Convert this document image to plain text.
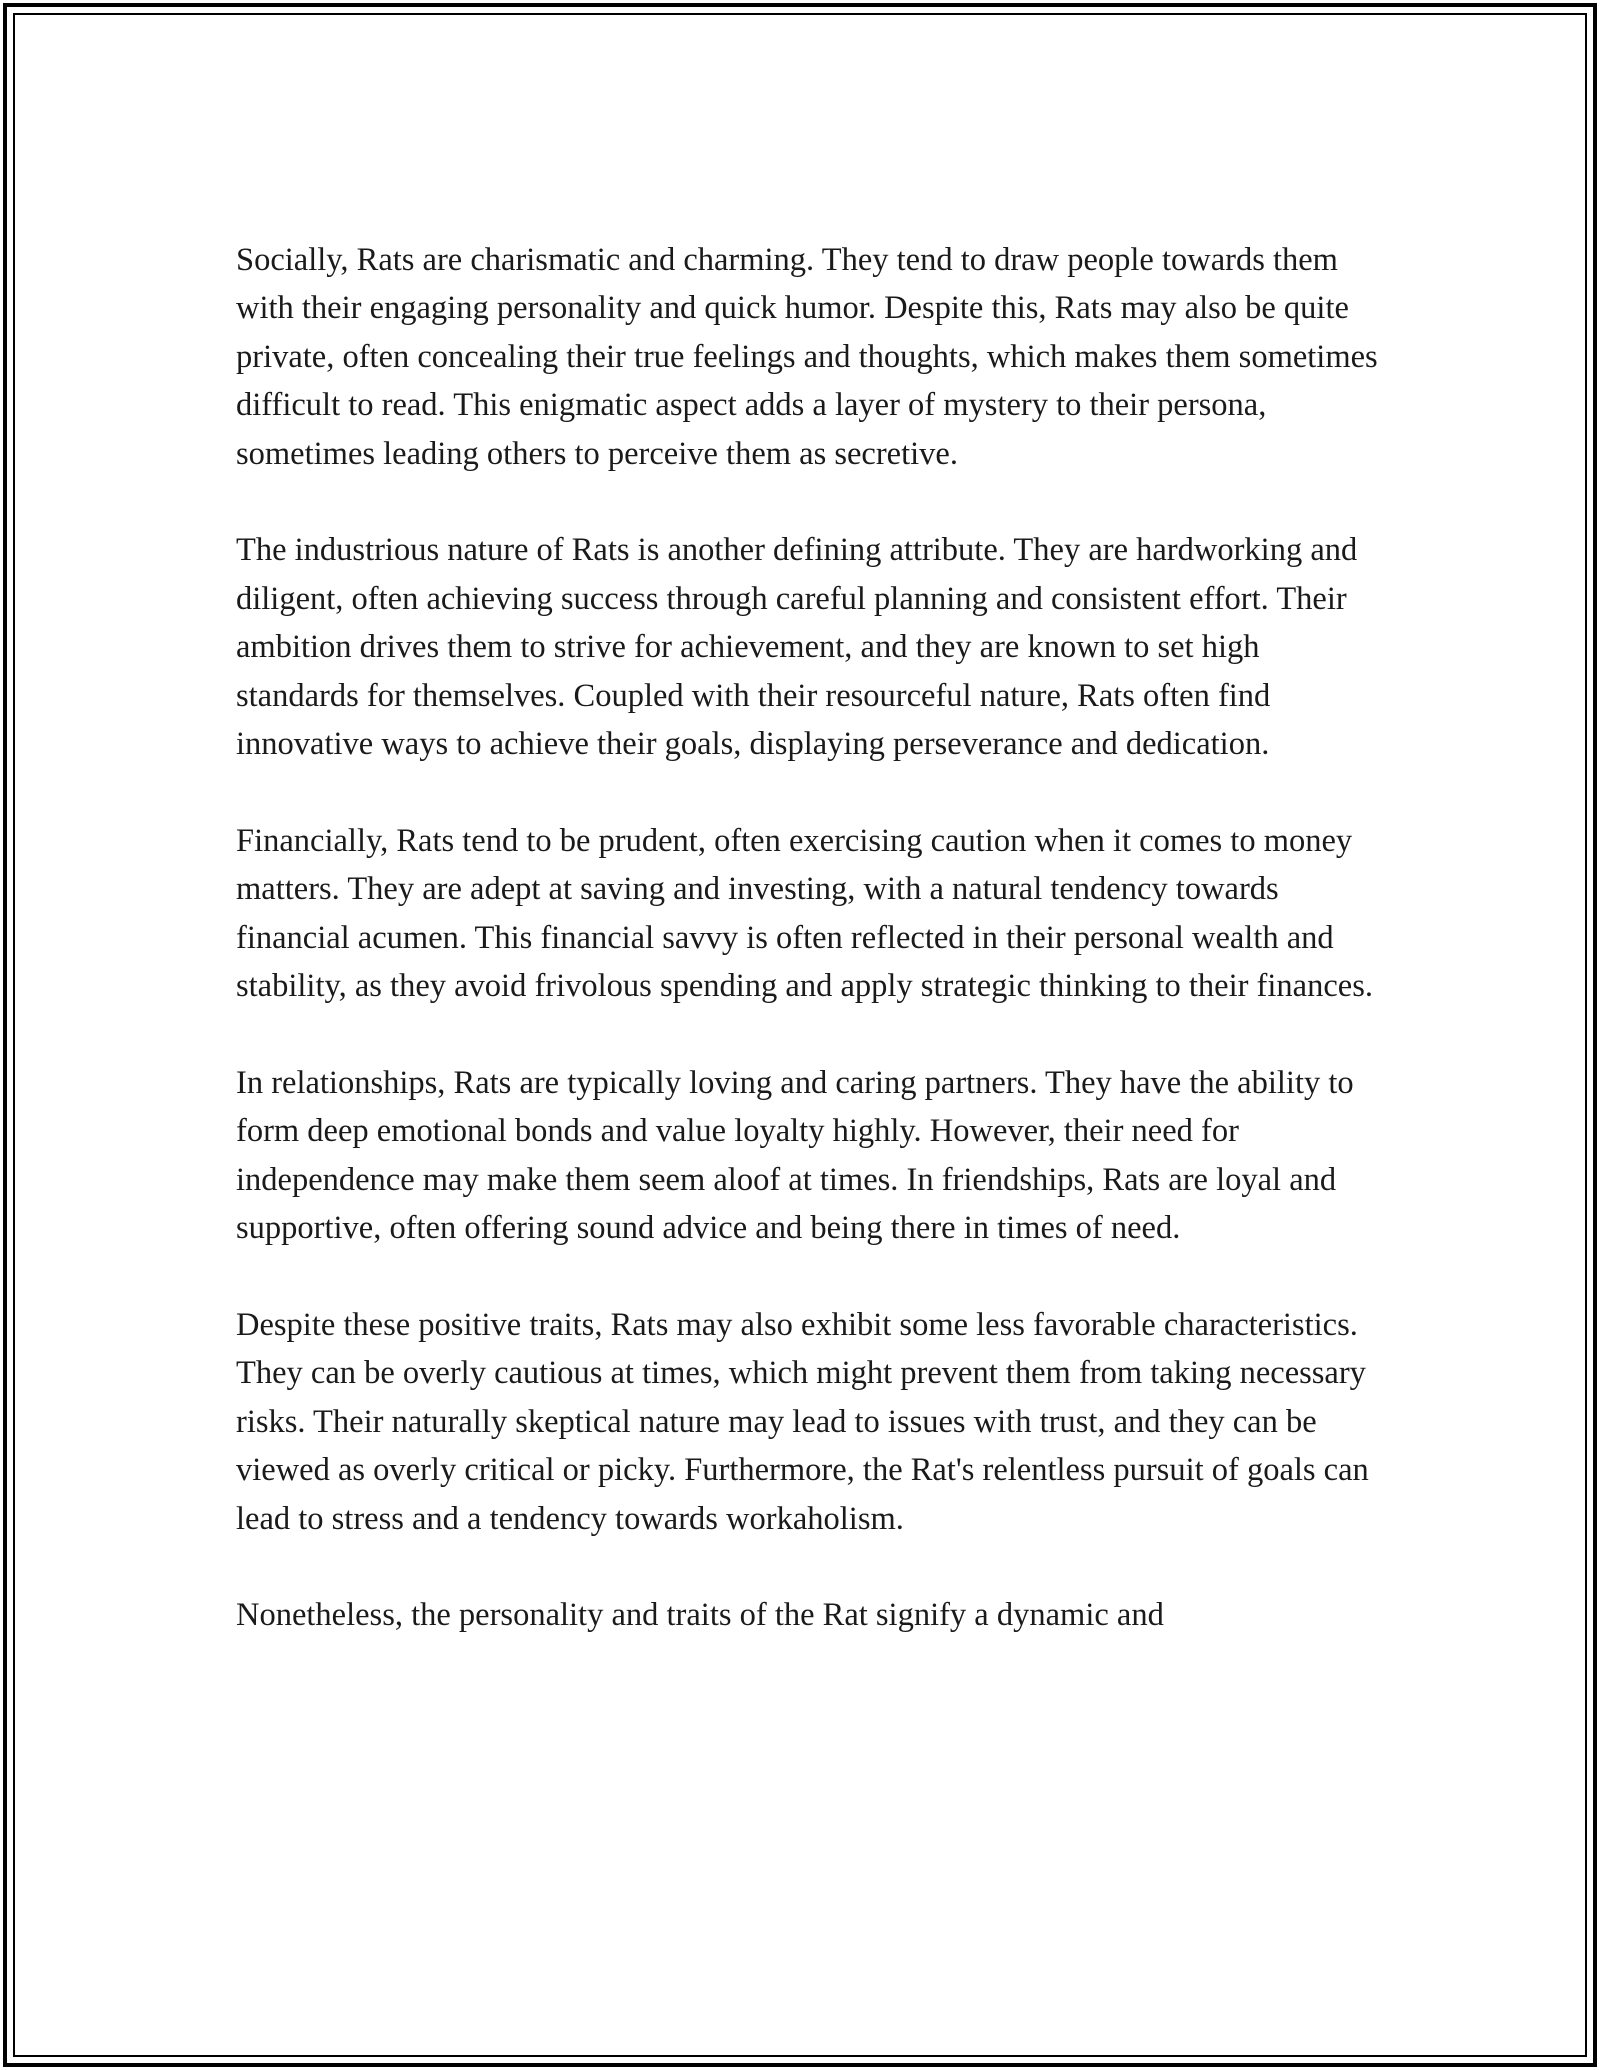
Socially, Rats are charismatic and charming. They tend to draw people towards them with their engaging personality and quick humor. Despite this, Rats may also be quite private, often concealing their true feelings and thoughts, which makes them sometimes difficult to read. This enigmatic aspect adds a layer of mystery to their persona, sometimes leading others to perceive them as secretive.

The industrious nature of Rats is another defining attribute. They are hardworking and diligent, often achieving success through careful planning and consistent effort. Their ambition drives them to strive for achievement, and they are known to set high standards for themselves. Coupled with their resourceful nature, Rats often find innovative ways to achieve their goals, displaying perseverance and dedication.

Financially, Rats tend to be prudent, often exercising caution when it comes to money matters. They are adept at saving and investing, with a natural tendency towards financial acumen. This financial savvy is often reflected in their personal wealth and stability, as they avoid frivolous spending and apply strategic thinking to their finances.

In relationships, Rats are typically loving and caring partners. They have the ability to form deep emotional bonds and value loyalty highly. However, their need for independence may make them seem aloof at times. In friendships, Rats are loyal and supportive, often offering sound advice and being there in times of need.

Despite these positive traits, Rats may also exhibit some less favorable characteristics. They can be overly cautious at times, which might prevent them from taking necessary risks. Their naturally skeptical nature may lead to issues with trust, and they can be viewed as overly critical or picky. Furthermore, the Rat's relentless pursuit of goals can lead to stress and a tendency towards workaholism.

Nonetheless, the personality and traits of the Rat signify a dynamic and
